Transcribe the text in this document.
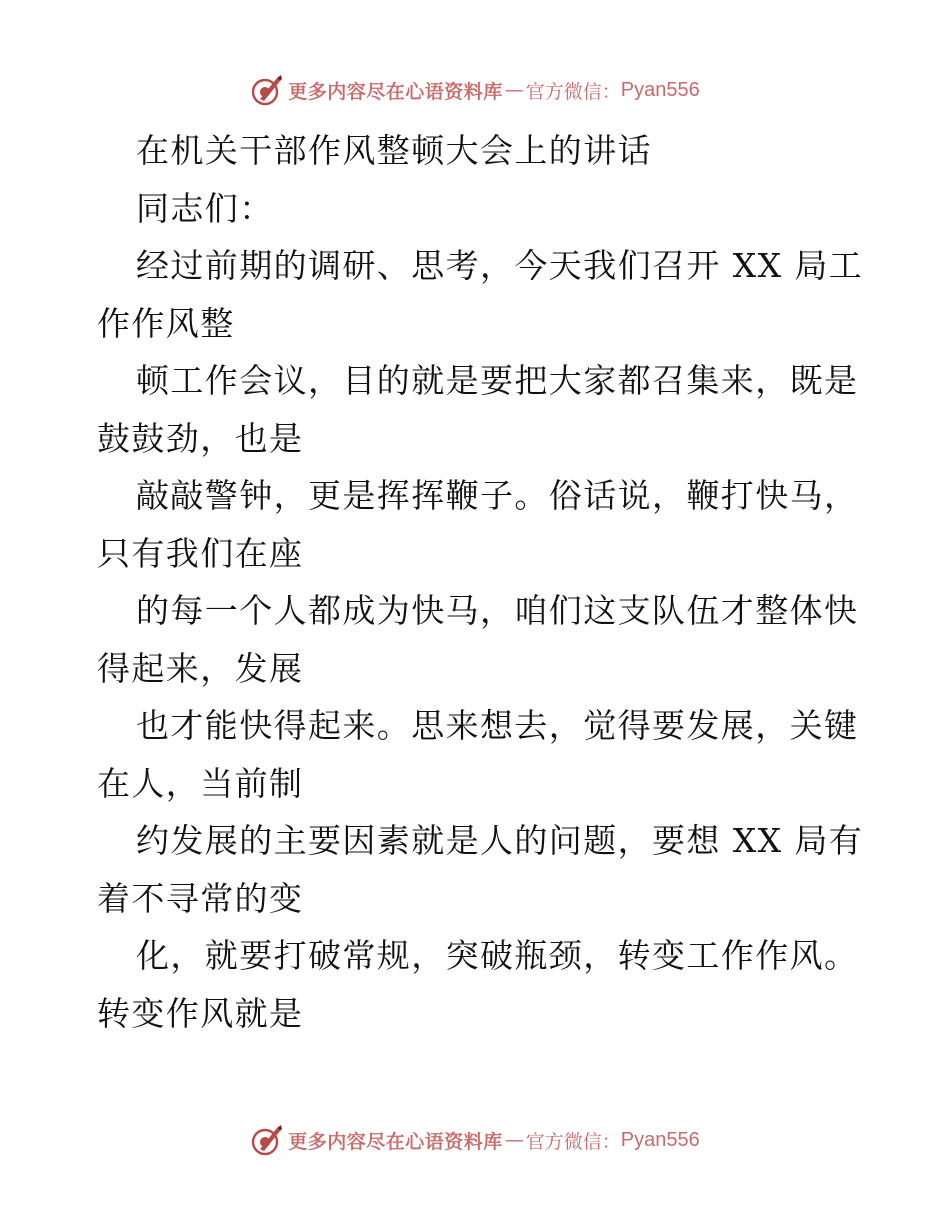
更多内容尽在心语资料库 — 官方微信： Pyan556
在机关干部作风整顿大会上的讲话
同志们：
经过前期的调研、思考，今天我们召开 XX 局工
作作风整
顿工作会议，目的就是要把大家都召集来，既是
鼓鼓劲，也是
敲敲警钟，更是挥挥鞭子。俗话说，鞭打快马，
只有我们在座
的每一个人都成为快马，咱们这支队伍才整体快
得起来，发展
也才能快得起来。思来想去，觉得要发展，关键
在人，当前制
约发展的主要因素就是人的问题，要想 XX 局有
着不寻常的变
化，就要打破常规，突破瓶颈，转变工作作风。
转变作风就是
更多内容尽在心语资料库 — 官方微信： Pyan556
